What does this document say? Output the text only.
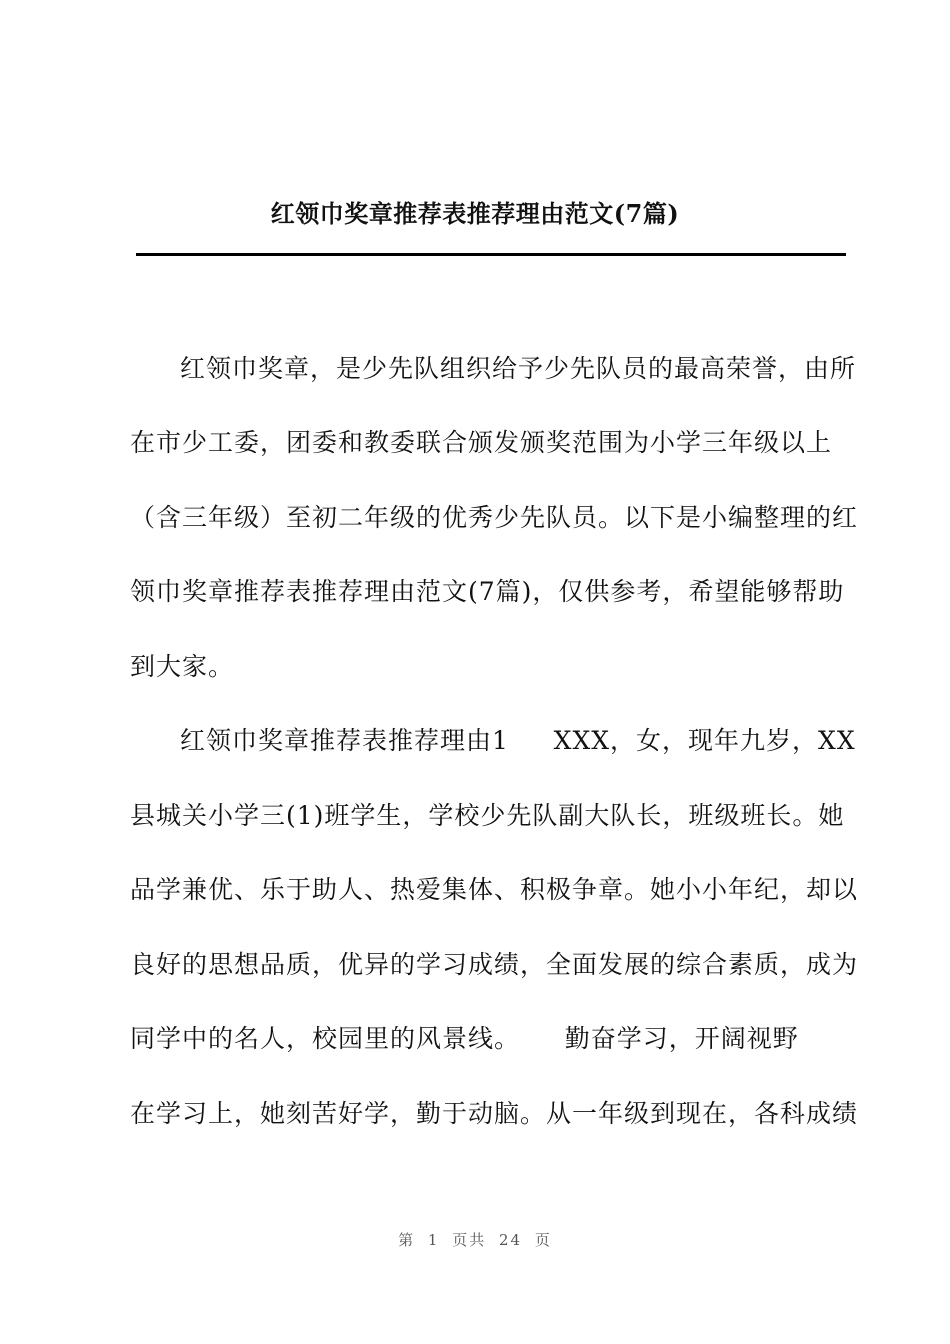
红领巾奖章推荐表推荐理由范文(7篇)
红领巾奖章，是少先队组织给予少先队员的最高荣誉，由所
在市少工委，团委和教委联合颁发颁奖范围为小学三年级以上
（含三年级）至初二年级的优秀少先队员。以下是小编整理的红
领巾奖章推荐表推荐理由范文(7篇)，仅供参考，希望能够帮助
到大家。
红领巾奖章推荐表推荐理由1     XXX，女，现年九岁，XX
县城关小学三(1)班学生，学校少先队副大队长，班级班长。她
品学兼优、乐于助人、热爱集体、积极争章。她小小年纪，却以
良好的思想品质，优异的学习成绩，全面发展的综合素质，成为
同学中的名人，校园里的风景线。     勤奋学习，开阔视野
在学习上，她刻苦好学，勤于动脑。从一年级到现在，各科成绩
第 1 页共 24 页
